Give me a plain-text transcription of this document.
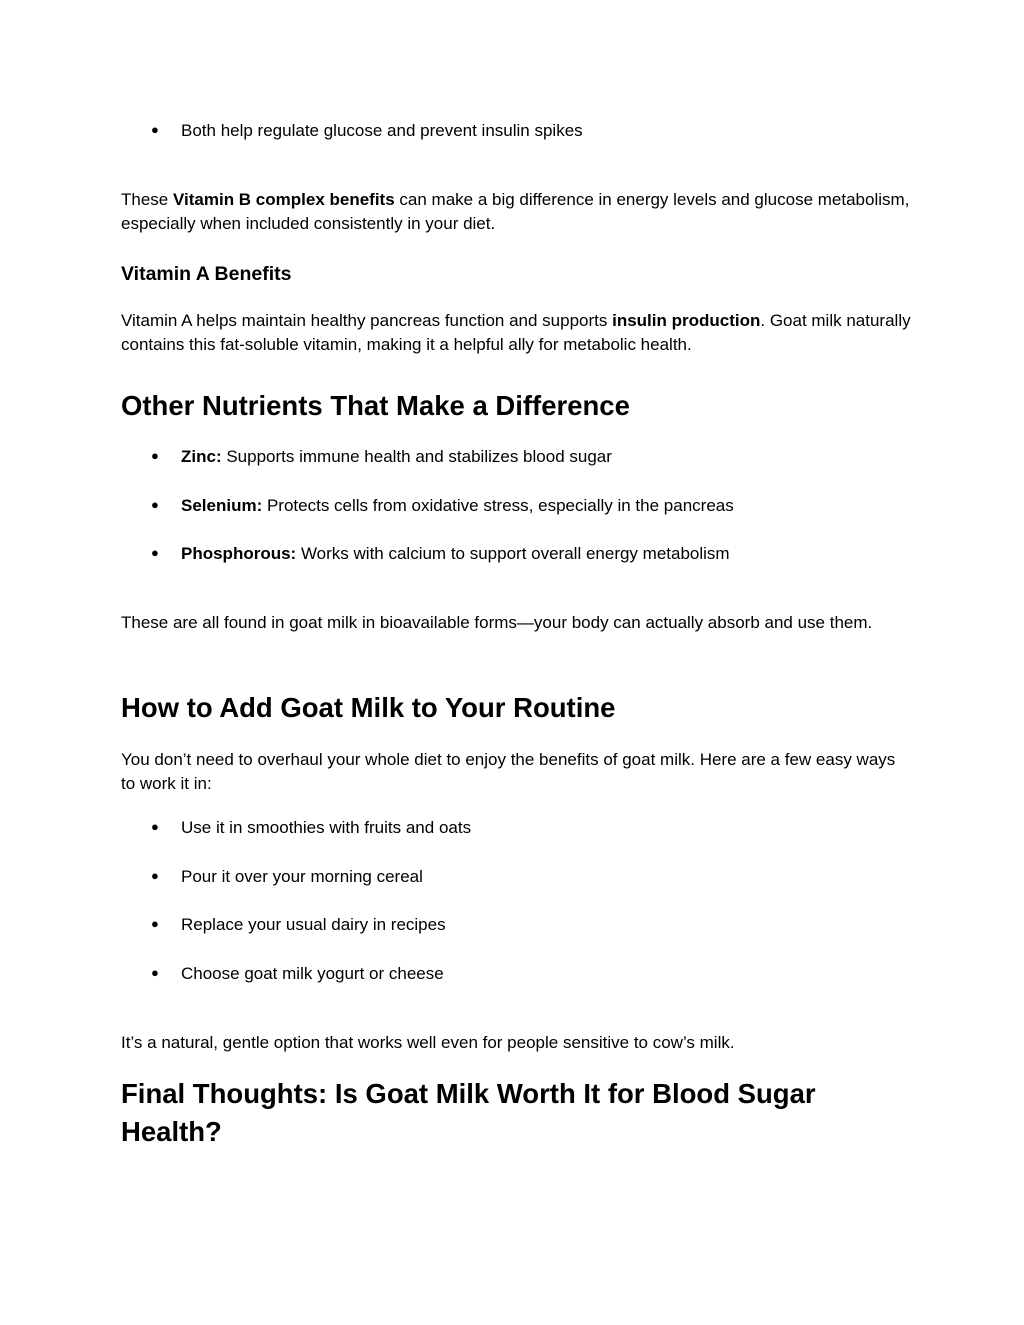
● Both help regulate glucose and prevent insulin spikes

These Vitamin B complex benefits can make a big difference in energy levels and glucose metabolism, especially when included consistently in your diet.

Vitamin A Benefits

Vitamin A helps maintain healthy pancreas function and supports insulin production. Goat milk naturally contains this fat-soluble vitamin, making it a helpful ally for metabolic health.

Other Nutrients That Make a Difference

● Zinc: Supports immune health and stabilizes blood sugar

● Selenium: Protects cells from oxidative stress, especially in the pancreas

● Phosphorous: Works with calcium to support overall energy metabolism

These are all found in goat milk in bioavailable forms—your body can actually absorb and use them.

How to Add Goat Milk to Your Routine

You don’t need to overhaul your whole diet to enjoy the benefits of goat milk. Here are a few easy ways to work it in:

● Use it in smoothies with fruits and oats

● Pour it over your morning cereal

● Replace your usual dairy in recipes

● Choose goat milk yogurt or cheese

It’s a natural, gentle option that works well even for people sensitive to cow’s milk.

Final Thoughts: Is Goat Milk Worth It for Blood Sugar Health?
